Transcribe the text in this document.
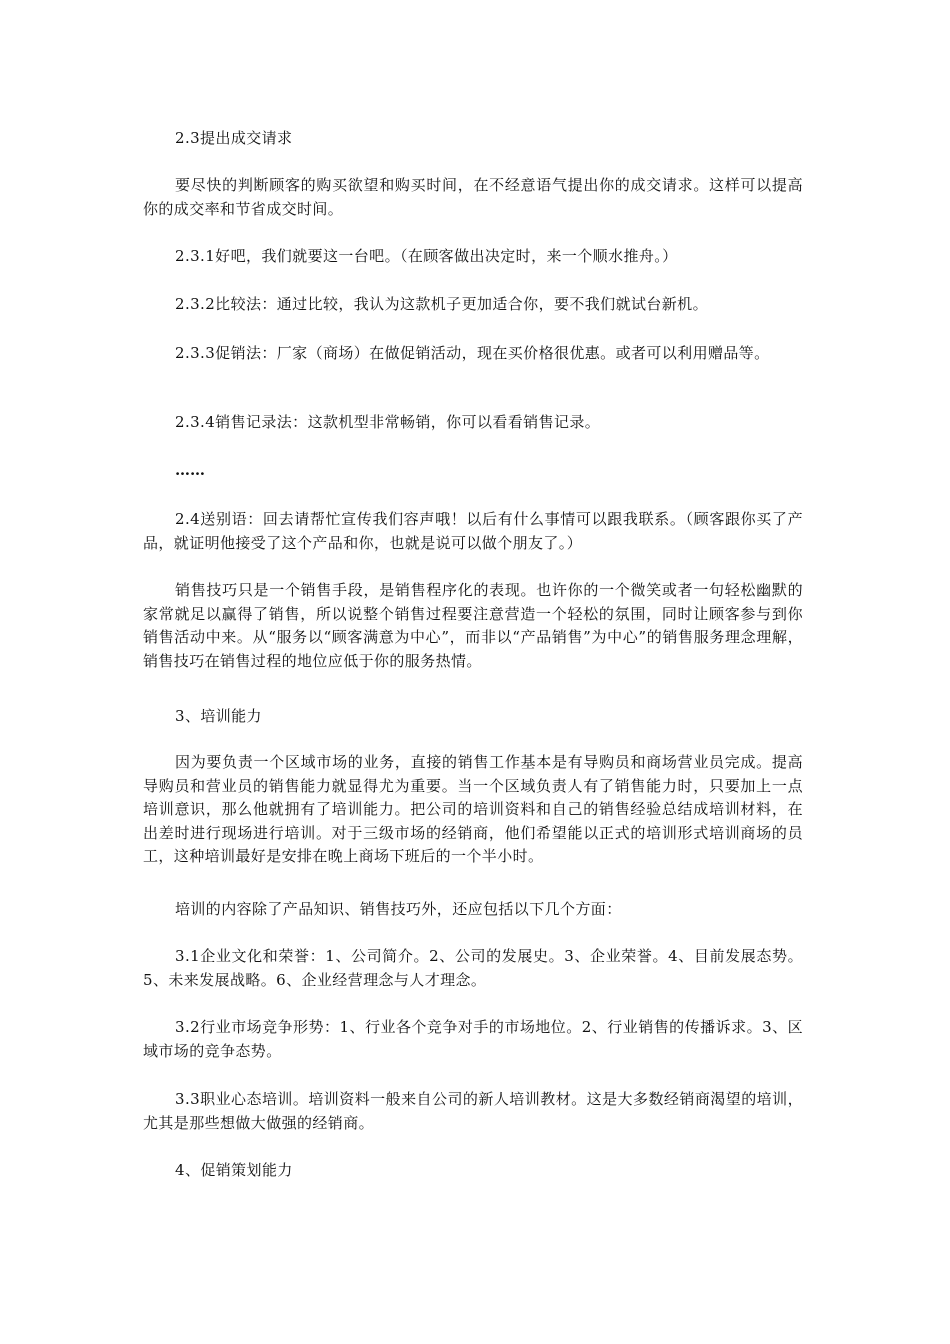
2.3提出成交请求

要尽快的判断顾客的购买欲望和购买时间，在不经意语气提出你的成交请求。这样可以提高你的成交率和节省成交时间。

2.3.1好吧，我们就要这一台吧。（在顾客做出决定时，来一个顺水推舟。）

2.3.2比较法：通过比较，我认为这款机子更加适合你，要不我们就试台新机。

2.3.3促销法：厂家（商场）在做促销活动，现在买价格很优惠。或者可以利用赠品等。

2.3.4销售记录法：这款机型非常畅销，你可以看看销售记录。

……

2.4送别语：回去请帮忙宣传我们容声哦！以后有什么事情可以跟我联系。（顾客跟你买了产品，就证明他接受了这个产品和你，也就是说可以做个朋友了。）

销售技巧只是一个销售手段，是销售程序化的表现。也许你的一个微笑或者一句轻松幽默的家常就足以赢得了销售，所以说整个销售过程要注意营造一个轻松的氛围，同时让顾客参与到你销售活动中来。从“服务以“顾客满意为中心”，而非以“产品销售”为中心”的销售服务理念理解，销售技巧在销售过程的地位应低于你的服务热情。

3、培训能力

因为要负责一个区域市场的业务，直接的销售工作基本是有导购员和商场营业员完成。提高导购员和营业员的销售能力就显得尤为重要。当一个区域负责人有了销售能力时，只要加上一点培训意识，那么他就拥有了培训能力。把公司的培训资料和自己的销售经验总结成培训材料，在出差时进行现场进行培训。对于三级市场的经销商，他们希望能以正式的培训形式培训商场的员工，这种培训最好是安排在晚上商场下班后的一个半小时。

培训的内容除了产品知识、销售技巧外，还应包括以下几个方面：

3.1企业文化和荣誉：1、公司简介。2、公司的发展史。3、企业荣誉。4、目前发展态势。5、未来发展战略。6、企业经营理念与人才理念。

3.2行业市场竞争形势：1、行业各个竞争对手的市场地位。2、行业销售的传播诉求。3、区域市场的竞争态势。

3.3职业心态培训。培训资料一般来自公司的新人培训教材。这是大多数经销商渴望的培训，尤其是那些想做大做强的经销商。

4、促销策划能力
